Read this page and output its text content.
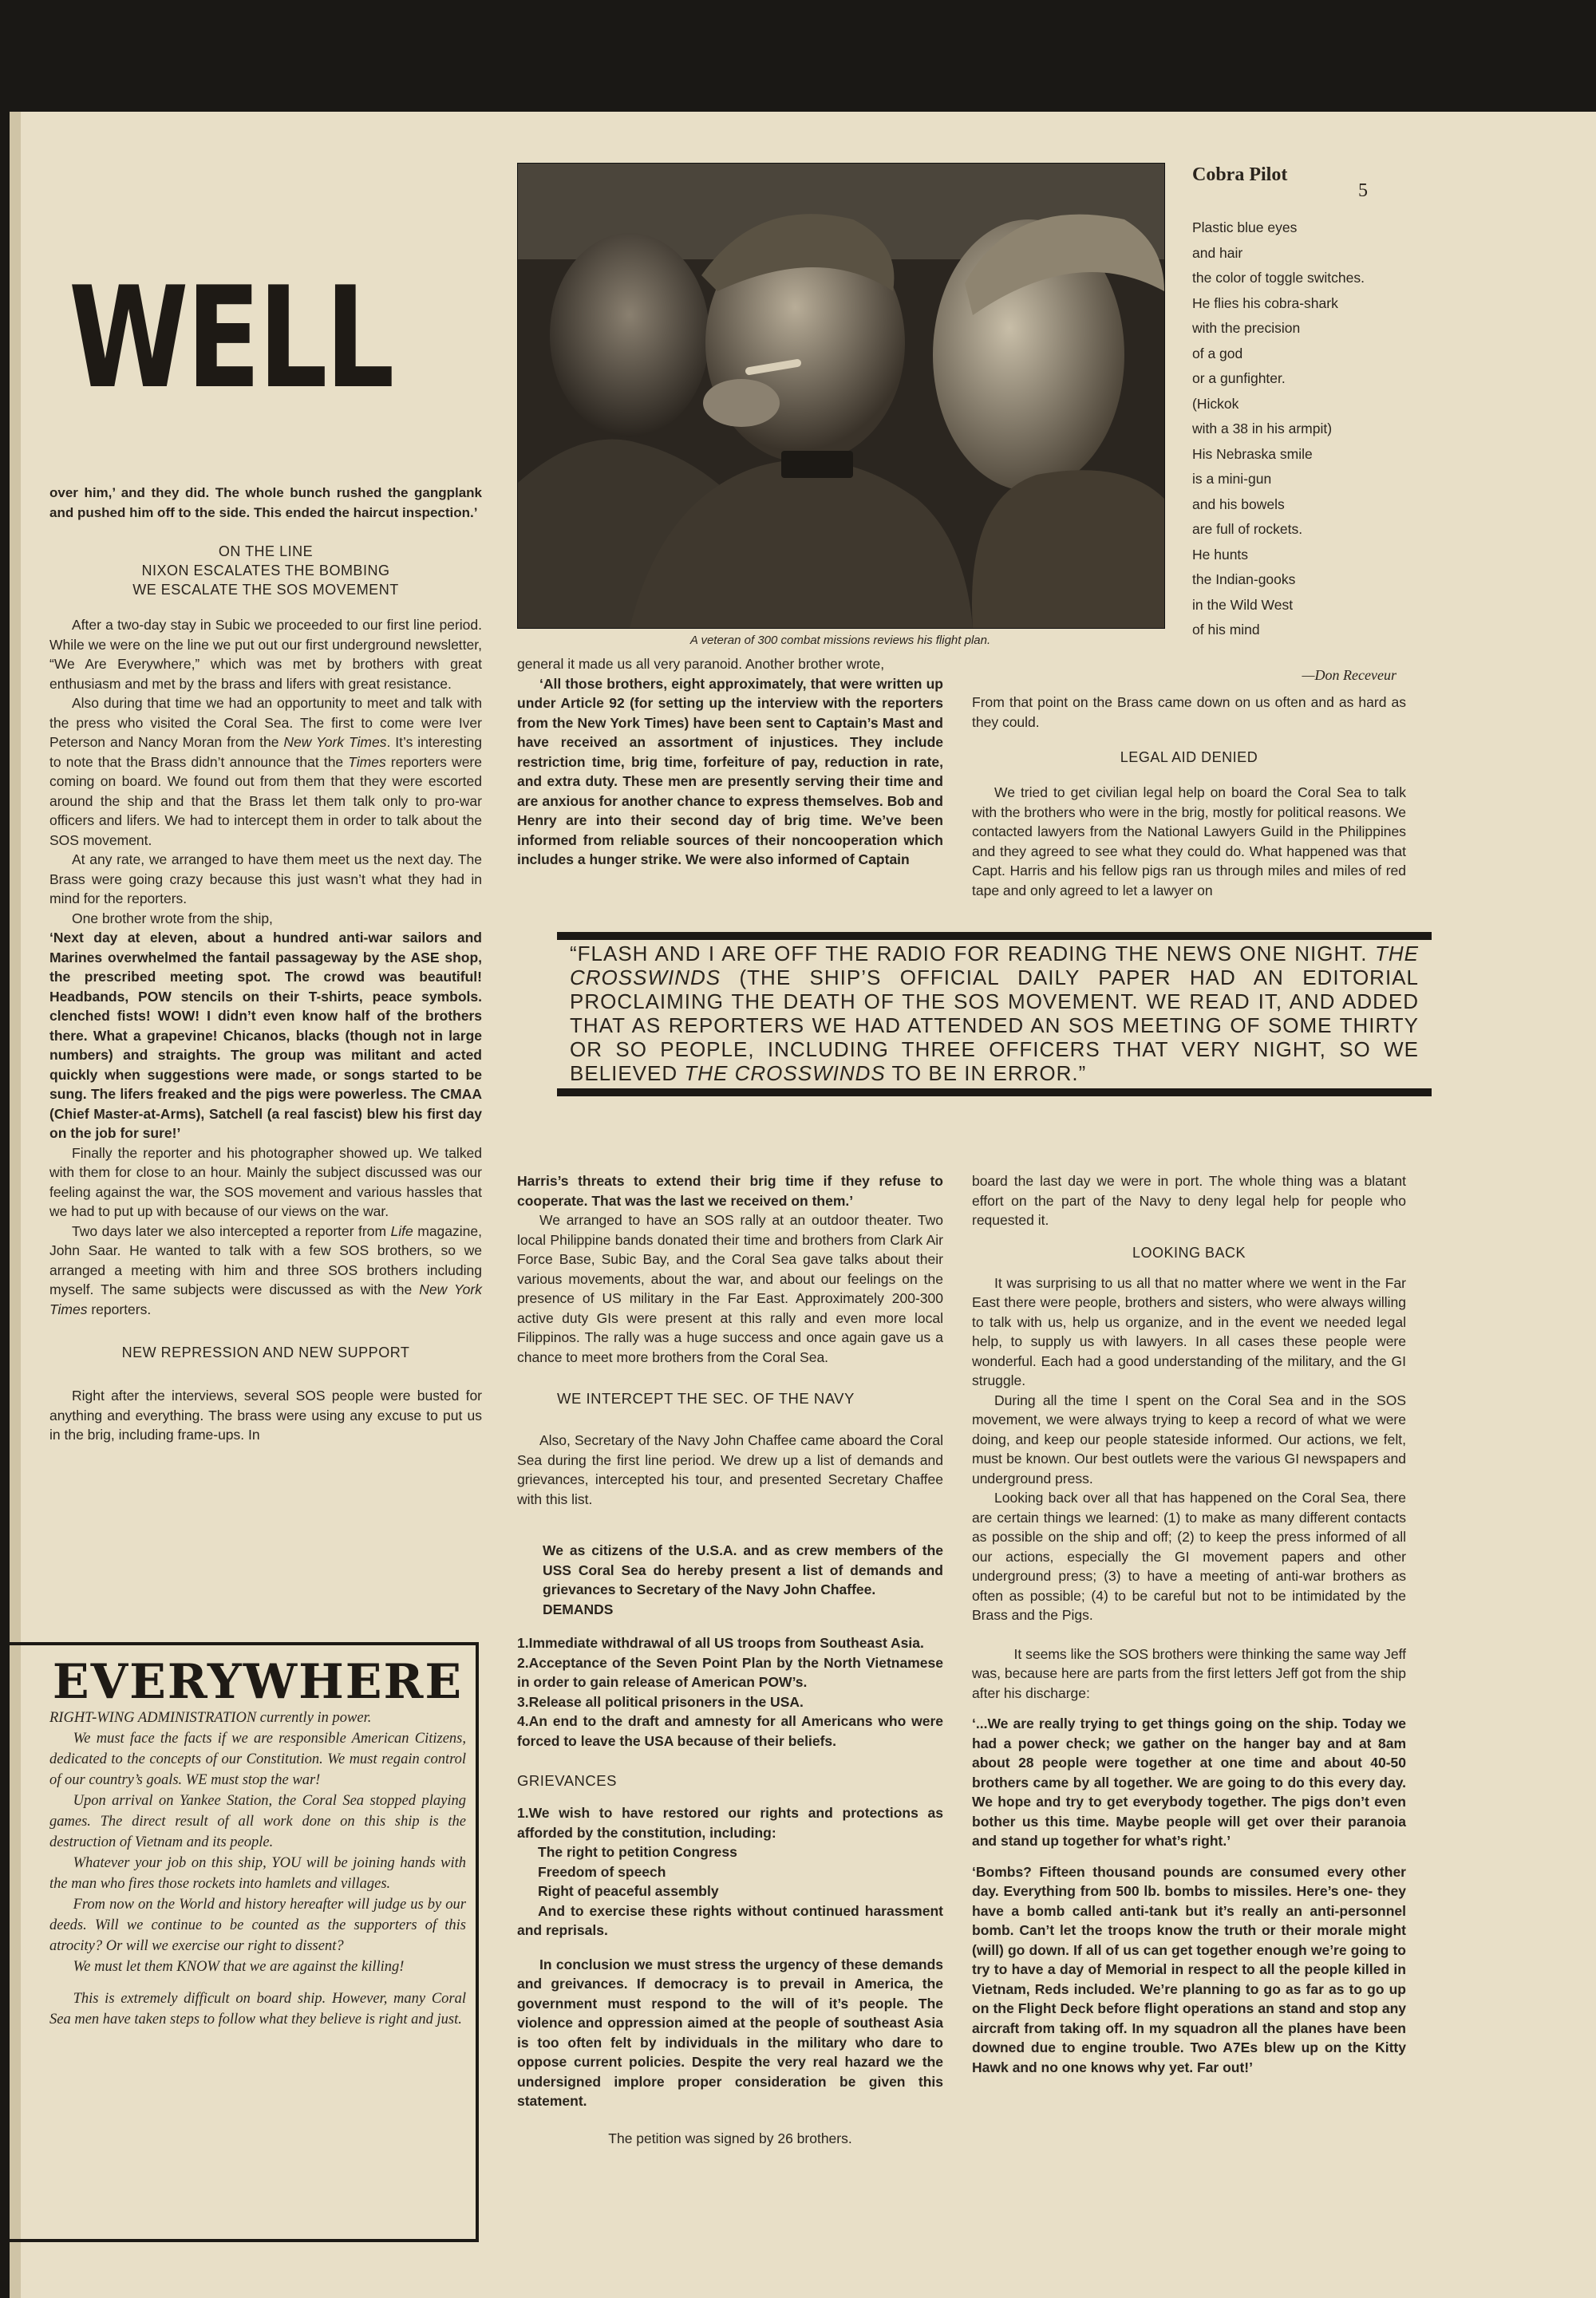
WELL
5
A veteran of 300 combat missions reviews his flight plan.
Cobra Pilot
Plastic blue eyes
and hair
the color of toggle switches.
He flies his cobra-shark
with the precision
of a god
or a gunfighter.
(Hickok
with a 38 in his armpit)
His Nebraska smile
is a mini-gun
and his bowels
are full of rockets.
He hunts
the Indian-gooks
in the Wild West
of his mind
—Don Receveur
over him,’ and they did. The whole bunch rushed the gangplank and pushed him off to the side. This ended the haircut inspection.’
ON THE LINE
NIXON ESCALATES THE BOMBING
WE ESCALATE THE SOS MOVEMENT

After a two-day stay in Subic we proceeded to our first line period. While we were on the line we put out our first underground newsletter, “We Are Everywhere,” which was met by brothers with great enthusiasm and met by the brass and lifers with great resistance.

Also during that time we had an opportunity to meet and talk with the press who visited the Coral Sea. The first to come were Iver Peterson and Nancy Moran from the New York Times. It’s interesting to note that the Brass didn’t announce that the Times reporters were coming on board. We found out from them that they were escorted around the ship and that the Brass let them talk only to pro-war officers and lifers. We had to intercept them in order to talk about the SOS movement.

At any rate, we arranged to have them meet us the next day. The Brass were going crazy because this just wasn’t what they had in mind for the reporters.

One brother wrote from the ship,

‘Next day at eleven, about a hundred anti-war sailors and Marines overwhelmed the fantail passageway by the ASE shop, the prescribed meeting spot. The crowd was beautiful! Headbands, POW stencils on their T-shirts, peace symbols. clenched fists! WOW! I didn’t even know half of the brothers there. What a grapevine! Chicanos, blacks (though not in large numbers) and straights. The group was militant and acted quickly when suggestions were made, or songs started to be sung. The lifers freaked and the pigs were powerless. The CMAA (Chief Master-at-Arms), Satchell (a real fascist) blew his first day on the job for sure!’

Finally the reporter and his photographer showed up. We talked with them for close to an hour. Mainly the subject discussed was our feeling against the war, the SOS movement and various hassles that we had to put up with because of our views on the war.

Two days later we also intercepted a reporter from Life magazine, John Saar. He wanted to talk with a few SOS brothers, so we arranged a meeting with him and three SOS brothers including myself. The same subjects were discussed as with the New York Times reporters.

NEW REPRESSION AND NEW SUPPORT

Right after the interviews, several SOS people were busted for anything and everything. The brass were using any excuse to put us in the brig, including frame-ups. In

EVERYWHERE

RIGHT-WING ADMINISTRATION currently in power.

We must face the facts if we are responsible American Citizens, dedicated to the concepts of our Constitution. We must regain control of our country’s goals. WE must stop the war!

Upon arrival on Yankee Station, the Coral Sea stopped playing games. The direct result of all work done on this ship is the destruction of Vietnam and its people.

Whatever your job on this ship, YOU will be joining hands with the man who fires those rockets into hamlets and villages.

From now on the World and history hereafter will judge us by our deeds. Will we continue to be counted as the supporters of this atrocity? Or will we exercise our right to dissent?

We must let them KNOW that we are against the killing!

This is extremely difficult on board ship. However, many Coral Sea men have taken steps to follow what they believe is right and just.

general it made us all very paranoid. Another brother wrote,
‘All those brothers, eight approximately, that were written up under Article 92 (for setting up the interview with the reporters from the New York Times) have been sent to Captain’s Mast and have received an assortment of injustices. They include restriction time, brig time, forfeiture of pay, reduction in rate, and extra duty. These men are presently serving their time and are anxious for another chance to express themselves. Bob and Henry are into their second day of brig time. We’ve been informed from reliable sources of their noncooperation which includes a hunger strike. We were also informed of Captain
From that point on the Brass came down on us often and as hard as they could.
LEGAL AID DENIED

We tried to get civilian legal help on board the Coral Sea to talk with the brothers who were in the brig, mostly for political reasons. We contacted lawyers from the National Lawyers Guild in the Philippines and they agreed to see what they could do. What happened was that Capt. Harris and his fellow pigs ran us through miles and miles of red tape and only agreed to let a lawyer on

“FLASH AND I ARE OFF THE RADIO FOR READING THE NEWS ONE NIGHT. THE CROSSWINDS (THE SHIP’S OFFICIAL DAILY PAPER HAD AN EDITORIAL PROCLAIMING THE DEATH OF THE SOS MOVEMENT. WE READ IT, AND ADDED THAT AS REPORTERS WE HAD ATTENDED AN SOS MEETING OF SOME THIRTY OR SO PEOPLE, INCLUDING THREE OFFICERS THAT VERY NIGHT, SO WE BELIEVED THE CROSSWINDS TO BE IN ERROR.”
Harris’s threats to extend their brig time if they refuse to cooperate. That was the last we received on them.’

We arranged to have an SOS rally at an outdoor theater. Two local Philippine bands donated their time and brothers from Clark Air Force Base, Subic Bay, and the Coral Sea gave talks about their various movements, about the war, and about our feelings on the presence of US military in the Far East. Approximately 200-300 active duty GIs were present at this rally and even more local Filippinos. The rally was a huge success and once again gave us a chance to meet more brothers from the Coral Sea.

WE INTERCEPT THE SEC. OF THE NAVY

Also, Secretary of the Navy John Chaffee came aboard the Coral Sea during the first line period. We drew up a list of demands and grievances, intercepted his tour, and presented Secretary Chaffee with this list.

We as citizens of the U.S.A. and as crew members of the USS Coral Sea do hereby present a list of demands and grievances to Secretary of the Navy John Chaffee.
DEMANDS
1.Immediate withdrawal of all US troops from Southeast Asia.
2.Acceptance of the Seven Point Plan by the North Vietnamese in order to gain release of American POW’s.
3.Release all political prisoners in the USA.
4.An end to the draft and amnesty for all Americans who were forced to leave the USA because of their beliefs.
GRIEVANCES
1.We wish to have restored our rights and protections as afforded by the constitution, including:
The right to petition Congress
Freedom of speech
Right of peaceful assembly
And to exercise these rights without continued harassment and reprisals.
In conclusion we must stress the urgency of these demands and greivances. If democracy is to prevail in America, the government must respond to the will of it’s people. The violence and oppression aimed at the people of southeast Asia is too often felt by individuals in the military who dare to oppose current policies. Despite the very real hazard we the undersigned implore proper consideration be given this statement.
The petition was signed by 26 brothers.
board the last day we were in port. The whole thing was a blatant effort on the part of the Navy to deny legal help for people who requested it.
LOOKING BACK

It was surprising to us all that no matter where we went in the Far East there were people, brothers and sisters, who were always willing to talk with us, help us organize, and in the event we needed legal help, to supply us with lawyers. In all cases these people were wonderful. Each had a good understanding of the military, and the GI struggle.

During all the time I spent on the Coral Sea and in the SOS movement, we were always trying to keep a record of what we were doing, and keep our people stateside informed. Our actions, we felt, must be known. Our best outlets were the various GI newspapers and underground press.

Looking back over all that has happened on the Coral Sea, there are certain things we learned: (1) to make as many different contacts as possible on the ship and off; (2) to keep the press informed of all our actions, especially the GI movement papers and other underground press; (3) to have a meeting of anti-war brothers as often as possible; (4) to be careful but not to be intimidated by the Brass and the Pigs.

It seems like the SOS brothers were thinking the same way Jeff was, because here are parts from the first letters Jeff got from the ship after his discharge:

‘...We are really trying to get things going on the ship. Today we had a power check; we gather on the hanger bay and at 8am about 28 people were together at one time and about 40-50 brothers came by all together. We are going to do this every day. We hope and try to get everybody together. The pigs don’t even bother us this time. Maybe people will get over their paranoia and stand up together for what’s right.’
‘Bombs? Fifteen thousand pounds are consumed every other day. Everything from 500 lb. bombs to missiles. Here’s one- they have a bomb called anti-tank but it’s really an anti-personnel bomb. Can’t let the troops know the truth or their morale might (will) go down. If all of us can get together enough we’re going to try to have a day of Memorial in respect to all the people killed in Vietnam, Reds included. We’re planning to go as far as to go up on the Flight Deck before flight operations an stand and stop any aircraft from taking off. In my squadron all the planes have been downed due to engine trouble. Two A7Es blew up on the Kitty Hawk and no one knows why yet. Far out!’
